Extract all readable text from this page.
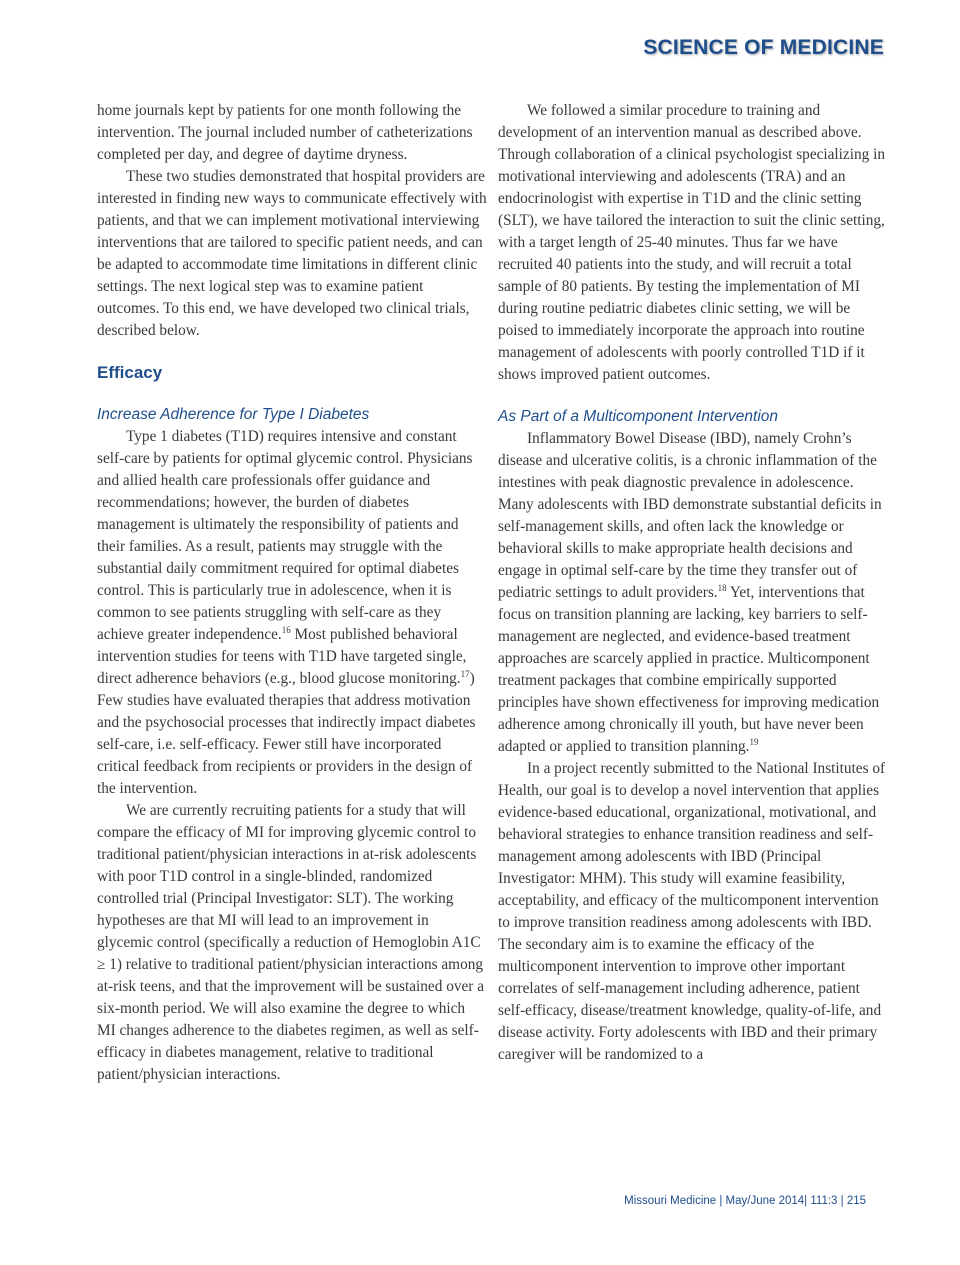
SCIENCE OF MEDICINE

home journals kept by patients for one month following the intervention. The journal included number of catheterizations completed per day, and degree of daytime dryness.

These two studies demonstrated that hospital providers are interested in finding new ways to communicate effectively with patients, and that we can implement motivational interviewing interventions that are tailored to specific patient needs, and can be adapted to accommodate time limitations in different clinic settings. The next logical step was to examine patient outcomes. To this end, we have developed two clinical trials, described below.

Efficacy
Increase Adherence for Type I Diabetes

Type 1 diabetes (T1D) requires intensive and constant self-care by patients for optimal glycemic control. Physicians and allied health care professionals offer guidance and recommendations; however, the burden of diabetes management is ultimately the responsibility of patients and their families. As a result, patients may struggle with the substantial daily commitment required for optimal diabetes control. This is particularly true in adolescence, when it is common to see patients struggling with self-care as they achieve greater independence.$^{16}$ Most published behavioral intervention studies for teens with T1D have targeted single, direct adherence behaviors (e.g., blood glucose monitoring.$^{17}$) Few studies have evaluated therapies that address motivation and the psychosocial processes that indirectly impact diabetes self-care, i.e. self-efficacy. Fewer still have incorporated critical feedback from recipients or providers in the design of the intervention.

We are currently recruiting patients for a study that will compare the efficacy of MI for improving glycemic control to traditional patient/physician interactions in at-risk adolescents with poor T1D control in a single-blinded, randomized controlled trial (Principal Investigator: SLT). The working hypotheses are that MI will lead to an improvement in glycemic control (specifically a reduction of Hemoglobin A1C ≥ 1) relative to traditional patient/physician interactions among at-risk teens, and that the improvement will be sustained over a six-month period. We will also examine the degree to which MI changes adherence to the diabetes regimen, as well as self-efficacy in diabetes management, relative to traditional patient/physician interactions.

We followed a similar procedure to training and development of an intervention manual as described above. Through collaboration of a clinical psychologist specializing in motivational interviewing and adolescents (TRA) and an endocrinologist with expertise in T1D and the clinic setting (SLT), we have tailored the interaction to suit the clinic setting, with a target length of 25-40 minutes. Thus far we have recruited 40 patients into the study, and will recruit a total sample of 80 patients. By testing the implementation of MI during routine pediatric diabetes clinic setting, we will be poised to immediately incorporate the approach into routine management of adolescents with poorly controlled T1D if it shows improved patient outcomes.

As Part of a Multicomponent Intervention

Inflammatory Bowel Disease (IBD), namely Crohn’s disease and ulcerative colitis, is a chronic inflammation of the intestines with peak diagnostic prevalence in adolescence. Many adolescents with IBD demonstrate substantial deficits in self-management skills, and often lack the knowledge or behavioral skills to make appropriate health decisions and engage in optimal self-care by the time they transfer out of pediatric settings to adult providers.$^{18}$ Yet, interventions that focus on transition planning are lacking, key barriers to self-management are neglected, and evidence-based treatment approaches are scarcely applied in practice. Multicomponent treatment packages that combine empirically supported principles have shown effectiveness for improving medication adherence among chronically ill youth, but have never been adapted or applied to transition planning.$^{19}$

In a project recently submitted to the National Institutes of Health, our goal is to develop a novel intervention that applies evidence-based educational, organizational, motivational, and behavioral strategies to enhance transition readiness and self-management among adolescents with IBD (Principal Investigator: MHM). This study will examine feasibility, acceptability, and efficacy of the multicomponent intervention to improve transition readiness among adolescents with IBD. The secondary aim is to examine the efficacy of the multicomponent intervention to improve other important correlates of self-management including adherence, patient self-efficacy, disease/treatment knowledge, quality-of-life, and disease activity. Forty adolescents with IBD and their primary caregiver will be randomized to a

Missouri Medicine | May/June 2014| 111:3 | 215
